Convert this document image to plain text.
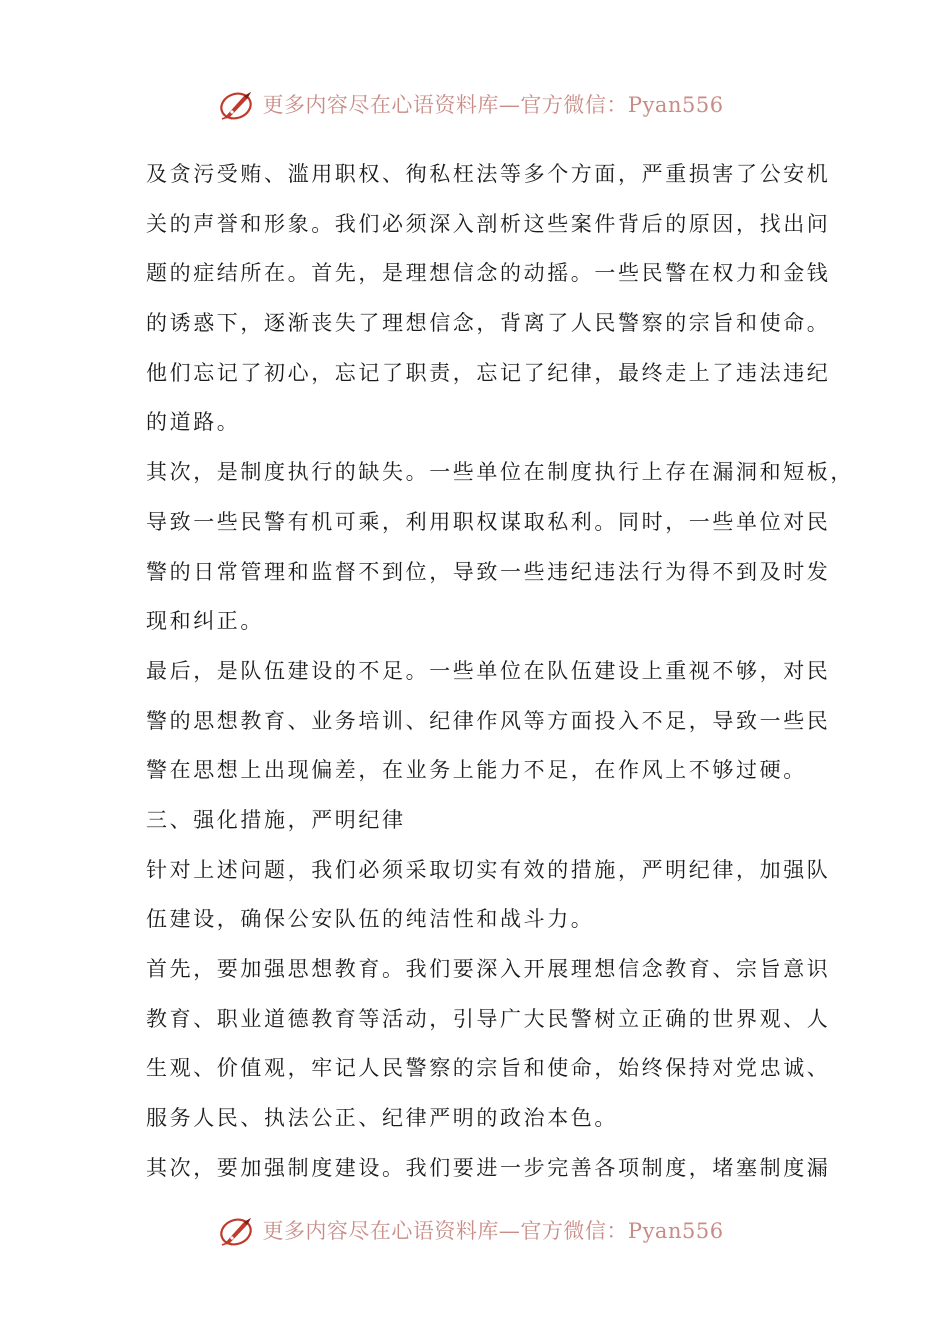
更多内容尽在心语资料库—官方微信：Pyan556
及贪污受贿、滥用职权、徇私枉法等多个方面，严重损害了公安机
关的声誉和形象。我们必须深入剖析这些案件背后的原因，找出问
题的症结所在。首先，是理想信念的动摇。一些民警在权力和金钱
的诱惑下，逐渐丧失了理想信念，背离了人民警察的宗旨和使命。
他们忘记了初心，忘记了职责，忘记了纪律，最终走上了违法违纪
的道路。
其次，是制度执行的缺失。一些单位在制度执行上存在漏洞和短板，
导致一些民警有机可乘，利用职权谋取私利。同时，一些单位对民
警的日常管理和监督不到位，导致一些违纪违法行为得不到及时发
现和纠正。
最后，是队伍建设的不足。一些单位在队伍建设上重视不够，对民
警的思想教育、业务培训、纪律作风等方面投入不足，导致一些民
警在思想上出现偏差，在业务上能力不足，在作风上不够过硬。
三、强化措施，严明纪律
针对上述问题，我们必须采取切实有效的措施，严明纪律，加强队
伍建设，确保公安队伍的纯洁性和战斗力。
首先，要加强思想教育。我们要深入开展理想信念教育、宗旨意识
教育、职业道德教育等活动，引导广大民警树立正确的世界观、人
生观、价值观，牢记人民警察的宗旨和使命，始终保持对党忠诚、
服务人民、执法公正、纪律严明的政治本色。
其次，要加强制度建设。我们要进一步完善各项制度，堵塞制度漏
更多内容尽在心语资料库—官方微信：Pyan556
